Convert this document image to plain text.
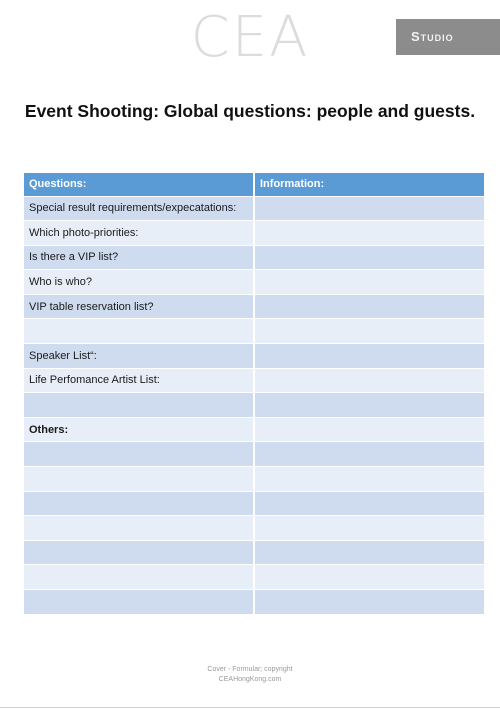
CEA	Studio
Event Shooting: Global questions: people and guests.
Questions:	Information:
Special result requirements/expecatations:	
Which photo-priorities:	
Is there a VIP list?	
Who is who?	
VIP table reservation list?	

Speaker List“:	
Life Perfomance Artist List:	

Others:	

Cover - Formular; copyright
CEAHongKong.com
